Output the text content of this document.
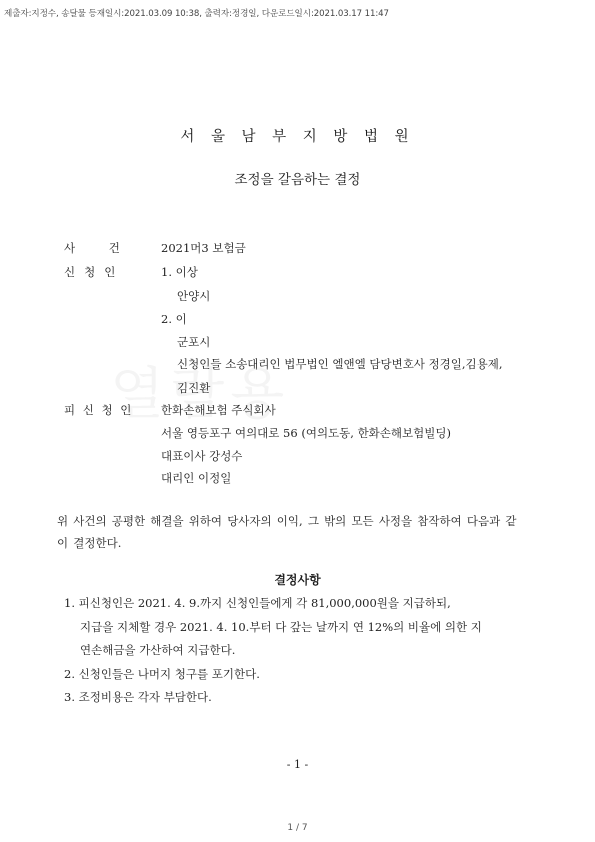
제출자:지정수, 송달물 등재일시:2021.03.09 10:38, 출력자:정경일, 다운로드일시:2021.03.17 11:47
서 울 남 부 지 방 법 원
조정을 갈음하는 결정
사 건	2021머3 보험금
신청인	1. 이상
안양시
2. 이
군포시
신청인들 소송대리인 법무법인 엘앤엘 담당변호사 정경일,김용제,
김진환
피 신 청 인 한화손해보험 주식회사
서울 영등포구 여의대로 56 (여의도동, 한화손해보험빌딩)
대표이사 강성수
대리인 이정일
위 사건의 공평한 해결을 위하여 당사자의 이익, 그 밖의 모든 사정을 참작하여 다음과 같이 결정한다.
결정사항
1. 피신청인은 2021. 4. 9.까지 신청인들에게 각 81,000,000원을 지급하되,
지급을 지체할 경우 2021. 4. 10.부터 다 갚는 날까지 연 12%의 비율에 의한 지
연손해금을 가산하여 지급한다.
2. 신청인들은 나머지 청구를 포기한다.
3. 조정비용은 각자 부담한다.
- 1 -
1 / 7
